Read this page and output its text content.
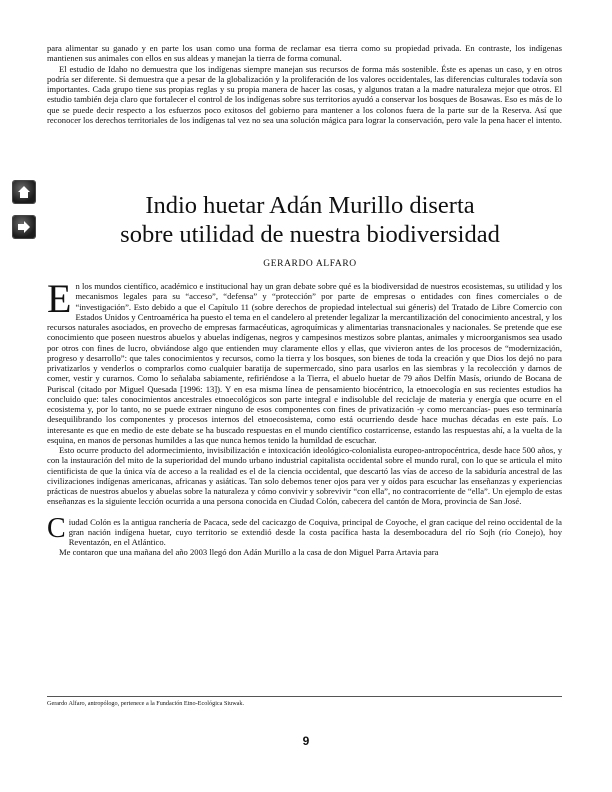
para alimentar su ganado y en parte los usan como una forma de reclamar esa tierra como su propiedad privada. En contraste, los indígenas mantienen sus animales con ellos en sus aldeas y manejan la tierra de forma comunal.

El estudio de Idaho no demuestra que los indígenas siempre manejan sus recursos de forma más sostenible. Éste es apenas un caso, y en otros podría ser diferente. Si demuestra que a pesar de la globalización y la proliferación de los valores occidentales, las diferencias culturales todavía son importantes. Cada grupo tiene sus propias reglas y su propia manera de hacer las cosas, y algunos tratan a la madre naturaleza mejor que otros. El estudio también deja claro que fortalecer el control de los indígenas sobre sus territorios ayudó a conservar los bosques de Bosawas. Eso es más de lo que se puede decir respecto a los esfuerzos poco exitosos del gobierno para mantener a los colonos fuera de la parte sur de la Reserva. Así que reconocer los derechos territoriales de los indígenas tal vez no sea una solución mágica para lograr la conservación, pero vale la pena hacer el intento.

Indio huetar Adán Murillo diserta
sobre utilidad de nuestra biodiversidad
GERARDO ALFARO

En los mundos científico, académico e institucional hay un gran debate sobre qué es la biodiversidad de nuestros ecosistemas, su utilidad y los mecanismos legales para su “acceso”, “defensa” y “protección” por parte de empresas o entidades con fines comerciales o de “investigación”. Esto debido a que el Capítulo 11 (sobre derechos de propiedad intelectual sui géneris) del Tratado de Libre Comercio con Estados Unidos y Centroamérica ha puesto el tema en el candelero al pretender legalizar la mercantilización del conocimiento ancestral, y los recursos naturales asociados, en provecho de empresas farmacéuticas, agroquímicas y alimentarias transnacionales y nacionales. Se pretende que ese conocimiento que poseen nuestros abuelos y abuelas indígenas, negros y campesinos mestizos sobre plantas, animales y microorganismos sea usado por otros con fines de lucro, obviándose algo que entienden muy claramente ellos y ellas, que vivieron antes de los procesos de “modernización, progreso y desarrollo”: que tales conocimientos y recursos, como la tierra y los bosques, son bienes de toda la creación y que Dios los dejó no para privatizarlos y venderlos o comprarlos como cualquier baratija de supermercado, sino para usarlos en las siembras y la recolección y darnos de comer, vestir y curarnos. Como lo señalaba sabiamente, refiriéndose a la Tierra, el abuelo huetar de 79 años Delfín Masís, oriundo de Bocana de Puriscal (citado por Miguel Quesada [1996: 13]). Y en esa misma línea de pensamiento biocéntrico, la etnoecología en sus recientes estudios ha concluido que: tales conocimientos ancestrales etnoecológicos son parte integral e indisoluble del reciclaje de materia y energía que ocurre en el ecosistema y, por lo tanto, no se puede extraer ninguno de esos componentes con fines de privatización -y como mercancías- pues eso terminaría desequilibrando los componentes y procesos internos del etnoecosistema, como está ocurriendo desde hace muchas décadas en este país. Lo interesante es que en medio de este debate se ha buscado respuestas en el mundo científico costarricense, estando las respuestas ahí, a la vuelta de la esquina, en manos de personas humildes a las que nunca hemos tenido la humildad de escuchar.

Esto ocurre producto del adormecimiento, invisibilización e intoxicación ideológico-colonialista europeo-antropocéntrica, desde hace 500 años, y con la instauración del mito de la superioridad del mundo urbano industrial capitalista occidental sobre el mundo rural, con lo que se articula el mito cientificista de que la única vía de acceso a la realidad es el de la ciencia occidental, que descartó las vías de acceso de la sabiduría ancestral de las civilizaciones indígenas americanas, africanas y asiáticas. Tan solo debemos tener ojos para ver y oídos para escuchar las enseñanzas y experiencias prácticas de nuestros abuelos y abuelas sobre la naturaleza y cómo convivir y sobrevivir “con ella”, no contracorriente de “ella”. Un ejemplo de estas enseñanzas es la siguiente lección ocurrida a una persona conocida en Ciudad Colón, cabecera del cantón de Mora, provincia de San José.

Ciudad Colón es la antigua ranchería de Pacaca, sede del cacicazgo de Coquiva, principal de Coyoche, el gran cacique del reino occidental de la gran nación indígena huetar, cuyo territorio se extendió desde la costa pacífica hasta la desembocadura del río Sojh (río Conejo), hoy Reventazón, en el Atlántico.

Me contaron que una mañana del año 2003 llegó don Adán Murillo a la casa de don Miguel Parra Artavia para

Gerardo Alfaro, antropólogo, pertenece a la Fundación Etno-Ecológica Siuwak.
9
